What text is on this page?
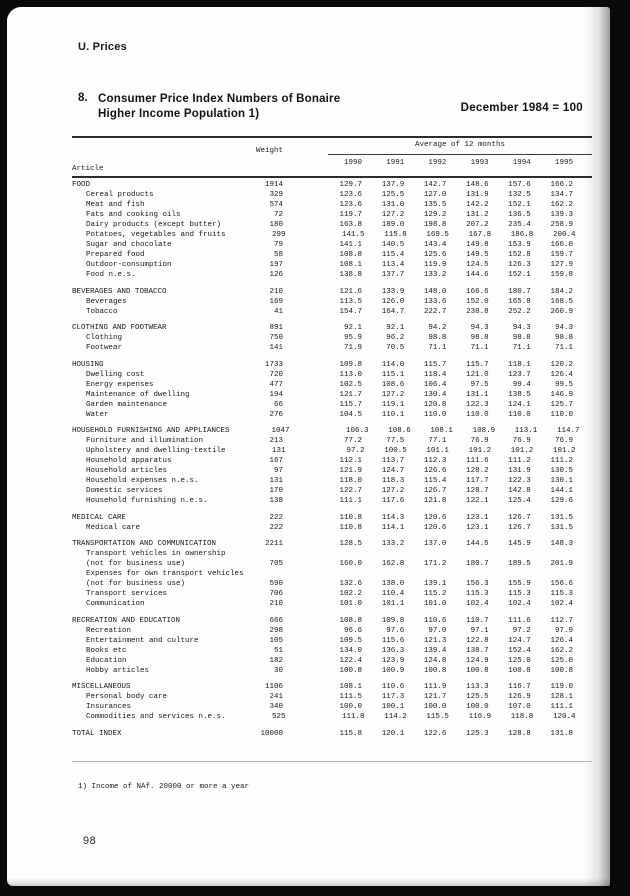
U. Prices
8. Consumer Price Index Numbers of Bonaire
Higher Income Population 1)	December 1984 = 100
Average of 12 months
Weight
Article
1990	1991	1992	1993	1994	1995
FOOD	1914	129.7	137.9	142.7	148.6	157.6	166.2
Cereal products	329	123.6	125.5	127.0	131.9	132.5	134.7
Meat and fish	574	123.6	131.0	135.5	142.2	152.1	162.2
Fats and cooking oils	72	119.7	127.2	129.2	131.2	136.5	139.3
Dairy products (except butter)	180	163.8	189.0	198.8	207.2	235.4	258.9
Potatoes, vegetables and fruits	299	141.5	115.8	169.5	167.8	186.8	200.4
Sugar and chocolate	79	141.1	140.5	143.4	149.8	153.9	166.0
Prepared food	58	108.8	115.4	125.6	149.5	152.8	159.7
Outdoor-consumption	197	108.1	113.4	119.9	124.5	126.3	127.9
Food n.e.s.	126	138.8	137.7	133.2	144.6	152.1	159.8
BEVERAGES AND TOBACCO	210	121.6	133.9	148.0	166.6	180.7	184.2
Beverages	169	113.5	126.0	133.6	152.0	165.8	168.5
Tobacco	41	154.7	164.7	222.7	238.8	252.2	260.9
CLOTHING AND FOOTWEAR	891	92.1	92.1	94.2	94.3	94.3	94.3
Clothing	750	95.9	96.2	98.8	98.8	98.8	98.8
Footwear	141	71.9	70.5	71.1	71.1	71.1	71.1
HOUSING	1733	109.8	114.0	115.7	115.7	118.1	120.2
Dwelling cost	720	113.0	115.1	118.4	121.0	123.7	126.4
Energy expenses	477	102.5	108.6	106.4	97.5	99.4	99.5
Maintenance of dwelling	194	121.7	127.2	130.4	131.1	138.5	146.9
Garden maintenance	66	115.7	119.1	120.8	122.3	124.1	125.7
Water	276	104.5	110.1	110.0	110.0	110.0	110.0
HOUSEHOLD FURNISHING AND APPLIANCES	1047	106.3	108.6	108.1	108.9	113.1	114.7
Furniture and illumination	213	77.2	77.5	77.1	76.9	76.9	76.9
Upholstery and dwelling-textile	131	97.2	100.5	101.1	101.2	101.2	101.2
Household apparatus	167	112.1	113.7	112.3	111.6	111.2	111.2
Household articles	97	121.9	124.7	126.6	128.2	131.9	130.5
Household expenses n.e.s.	131	118.0	118.3	115.4	117.7	122.3	130.1
Domestic services	170	122.7	127.2	126.7	128.7	142.8	144.1
Household furnishing n.e.s.	138	111.1	117.6	121.8	122.1	125.4	129.6
MEDICAL CARE	222	110.8	114.3	120.6	123.1	126.7	131.5
Medical care	222	110.8	114.1	120.6	123.1	126.7	131.5
TRANSPORTATION AND COMMUNICATION	2211	128.5	133.2	137.0	144.5	145.9	148.3
Transport vehicles in ownership
(not for business use)	705	160.0	162.8	171.2	180.7	189.5	201.9
Expenses for own transport vehicles
(not for business use)	590	132.6	138.0	139.1	156.3	155.9	156.6
Transport services	706	102.2	110.4	115.2	115.3	115.3	115.3
Communication	210	101.0	101.1	101.0	102.4	102.4	102.4
RECREATION AND EDUCATION	666	108.8	109.8	110.6	110.7	111.6	112.7
Recreation	298	96.6	97.6	97.0	97.1	97.2	97.9
Entertainment and culture	105	109.5	115.6	121.3	122.8	124.7	126.4
Books etc	51	134.0	136.3	139.4	138.7	152.4	162.2
Education	182	122.4	123.9	124.8	124.9	125.0	125.0
Hobby articles	30	100.8	100.9	100.8	100.8	100.8	100.8
MISCELLANEOUS	1106	108.1	110.6	111.9	113.3	116.7	119.0
Personal body care	241	111.5	117.3	121.7	125.5	126.9	128.1
Insurances	340	100.0	100.1	100.0	100.0	107.0	111.1
Commodities and services n.e.s.	525	111.8	114.2	115.5	116.9	118.8	120.4
TOTAL INDEX	10000	115.8	120.1	122.6	125.3	128.8	131.8
1) Income of NAf. 20000 or more a year
98
